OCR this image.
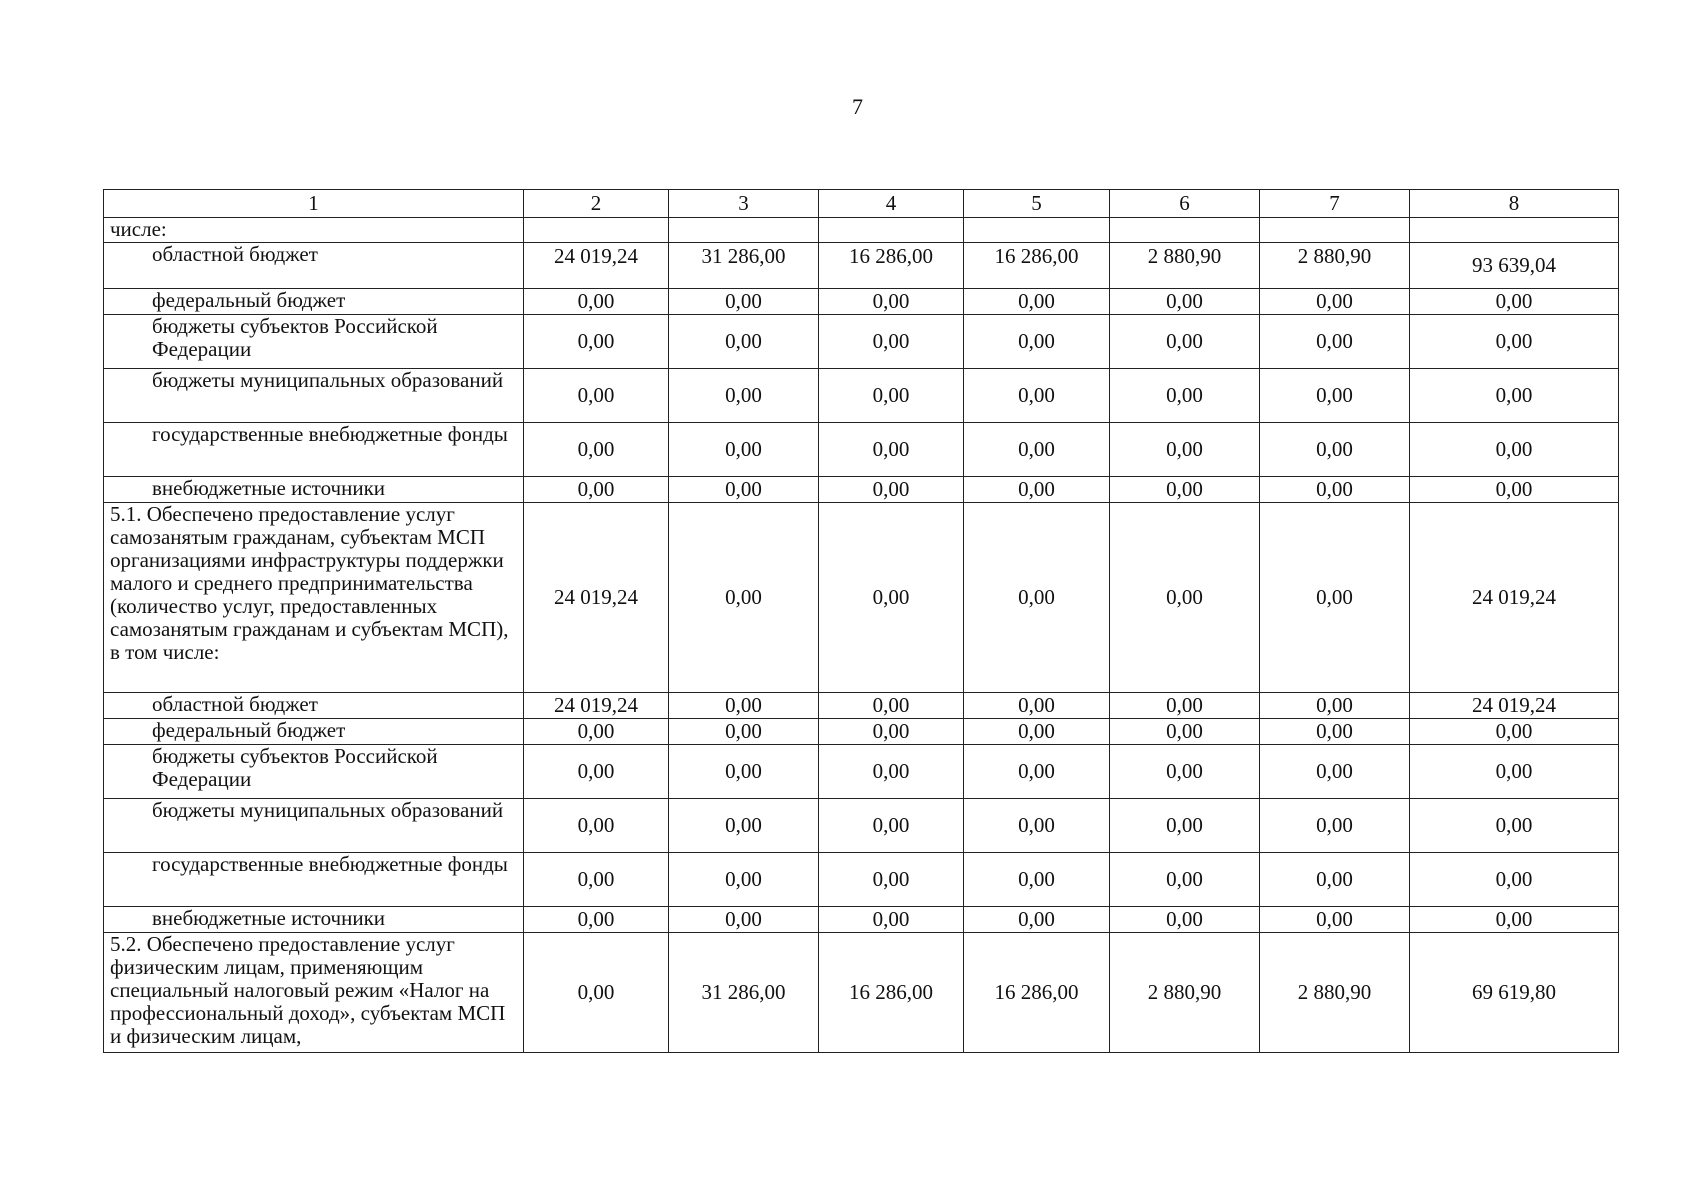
7
1	2	3	4	5	6	7	8
числе:							
областной бюджет	24 019,24	31 286,00	16 286,00	16 286,00	2 880,90	2 880,90	93 639,04
федеральный бюджет	0,00	0,00	0,00	0,00	0,00	0,00	0,00
бюджеты субъектов Российской Федерации	0,00	0,00	0,00	0,00	0,00	0,00	0,00
бюджеты муниципальных образований	0,00	0,00	0,00	0,00	0,00	0,00	0,00
государственные внебюджетные фонды	0,00	0,00	0,00	0,00	0,00	0,00	0,00
внебюджетные источники	0,00	0,00	0,00	0,00	0,00	0,00	0,00
5.1. Обеспечено предоставление услуг самозанятым гражданам, субъектам МСП организациями инфраструктуры поддержки малого и среднего предпринимательства (количество услуг, предоставленных самозанятым гражданам и субъектам МСП), в том числе:	24 019,24	0,00	0,00	0,00	0,00	0,00	24 019,24
областной бюджет	24 019,24	0,00	0,00	0,00	0,00	0,00	24 019,24
федеральный бюджет	0,00	0,00	0,00	0,00	0,00	0,00	0,00
бюджеты субъектов Российской Федерации	0,00	0,00	0,00	0,00	0,00	0,00	0,00
бюджеты муниципальных образований	0,00	0,00	0,00	0,00	0,00	0,00	0,00
государственные внебюджетные фонды	0,00	0,00	0,00	0,00	0,00	0,00	0,00
внебюджетные источники	0,00	0,00	0,00	0,00	0,00	0,00	0,00
5.2. Обеспечено предоставление услуг физическим лицам, применяющим специальный налоговый режим «Налог на профессиональный доход», субъектам МСП и физическим лицам,	0,00	31 286,00	16 286,00	16 286,00	2 880,90	2 880,90	69 619,80
